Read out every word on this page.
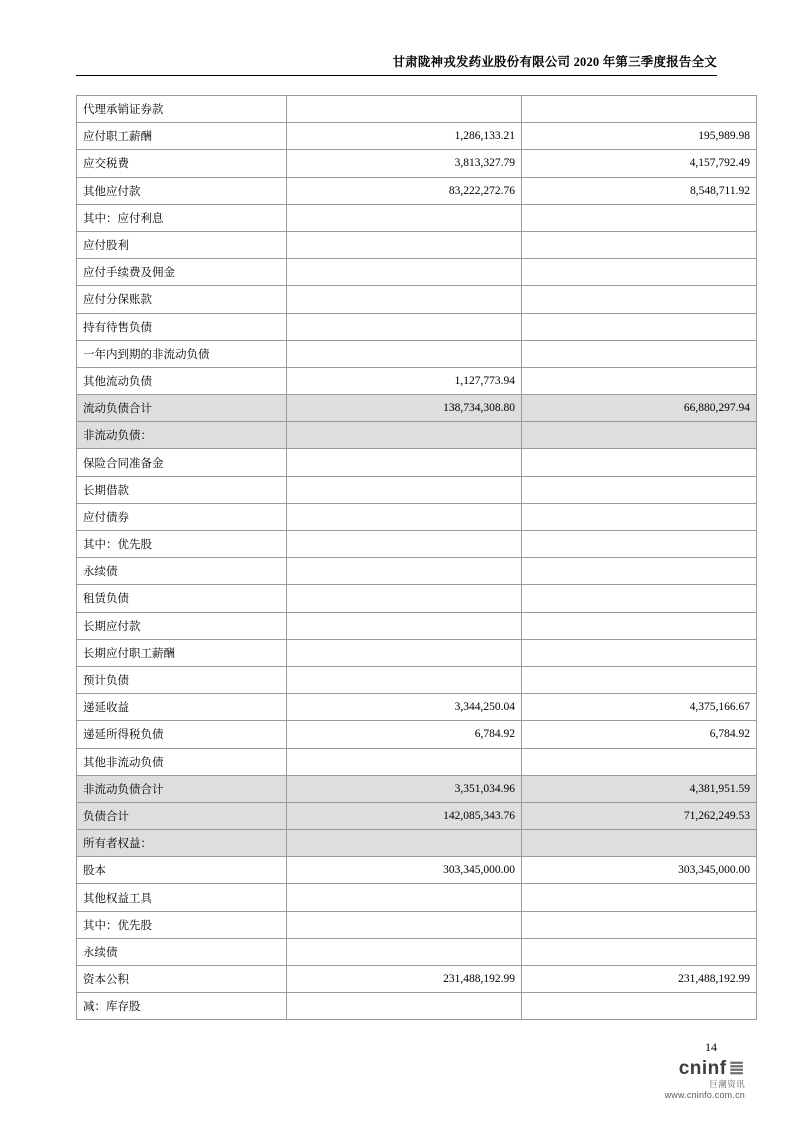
甘肃陇神戎发药业股份有限公司 2020 年第三季度报告全文
代理承销证券款		
应付职工薪酬	1,286,133.21	195,989.98
应交税费	3,813,327.79	4,157,792.49
其他应付款	83,222,272.76	8,548,711.92
其中：应付利息		
应付股利		
应付手续费及佣金		
应付分保账款		
持有待售负债		
一年内到期的非流动负债		
其他流动负债	1,127,773.94	
流动负债合计	138,734,308.80	66,880,297.94
非流动负债：		
保险合同准备金		
长期借款		
应付债券		
其中：优先股		
永续债		
租赁负债		
长期应付款		
长期应付职工薪酬		
预计负债		
递延收益	3,344,250.04	4,375,166.67
递延所得税负债	6,784.92	6,784.92
其他非流动负债		
非流动负债合计	3,351,034.96	4,381,951.59
负债合计	142,085,343.76	71,262,249.53
所有者权益：		
股本	303,345,000.00	303,345,000.00
其他权益工具		
其中：优先股		
永续债		
资本公积	231,488,192.99	231,488,192.99
减：库存股		
14
cninf ≣
巨潮资讯
www.cninfo.com.cn
